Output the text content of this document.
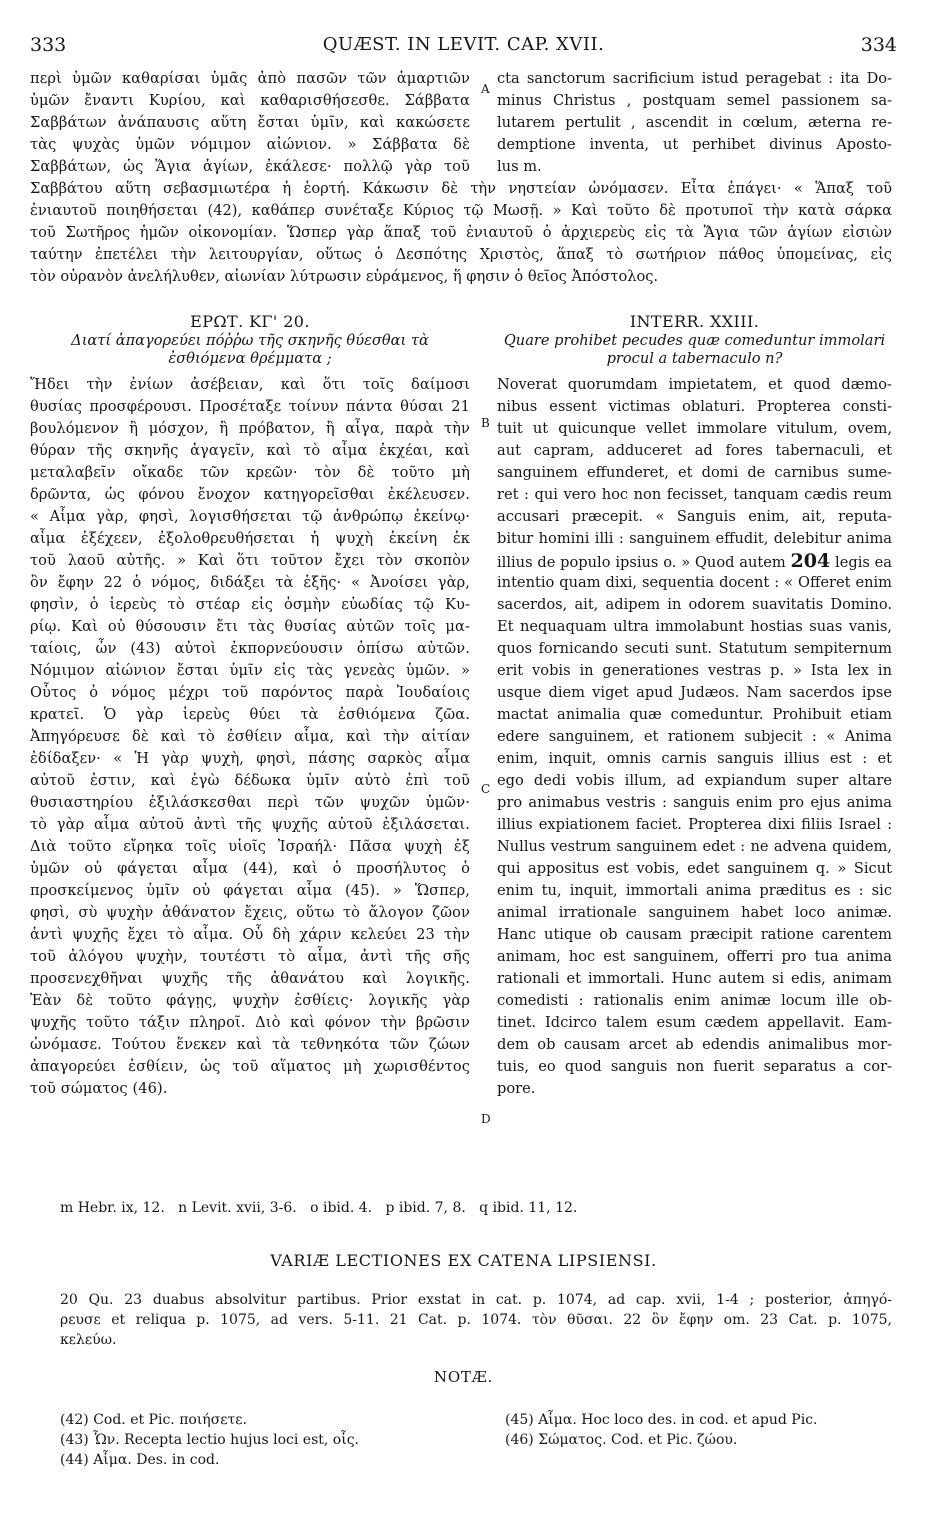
333	QUÆST. IN LEVIT. CAP. XVII.	334
περὶ ὑμῶν καθαρίσαι ὑμᾶς ἀπὸ πασῶν τῶν ἁμαρτιῶν
ὑμῶν ἔναντι Κυρίου, καὶ καθαρισθήσεσθε. Σάββατα
Σαββάτων ἀνάπαυσις αὕτη ἔσται ὑμῖν, καὶ κακώσετε
τὰς ψυχὰς ὑμῶν νόμιμον αἰώνιον. » Σάββατα δὲ
Σαββάτων, ὡς Ἅγια ἁγίων, ἐκάλεσε· πολλῷ γὰρ τοῦ
A
cta sanctorum sacrificium istud peragebat : ita Do-
minus Christus , postquam semel passionem sa-
lutarem pertulit , ascendit in cœlum, æterna re-
demptione inventa, ut perhibet divinus Aposto-
lus m.
Σαββάτου αὕτη σεβασμιωτέρα ἡ ἑορτή. Κάκωσιν δὲ τὴν νηστείαν ὠνόμασεν. Εἶτα ἐπάγει· « Ἅπαξ τοῦ
ἐνιαυτοῦ ποιηθήσεται (42), καθάπερ συνέταξε Κύριος τῷ Μωσῇ. » Καὶ τοῦτο δὲ προτυποῖ τὴν κατὰ σάρκα
τοῦ Σωτῆρος ἡμῶν οἰκονομίαν. Ὥσπερ γὰρ ἅπαξ τοῦ ἐνιαυτοῦ ὁ ἀρχιερεὺς εἰς τὰ Ἅγια τῶν ἁγίων εἰσιὼν
ταύτην ἐπετέλει τὴν λειτουργίαν, οὕτως ὁ Δεσπότης Χριστὸς, ἅπαξ τὸ σωτήριον πάθος ὑπομείνας, εἰς
τὸν οὐρανὸν ἀνελήλυθεν, αἰωνίαν λύτρωσιν εὑράμενος, ἥ φησιν ὁ θεῖος Ἀπόστολος.
ΕΡΩΤ. ΚΓ' 20.	INTERR. XXIII.
Διατί ἀπαγορεύει πόῤῥω τῆς σκηνῆς θύεσθαι τὰ
ἐσθιόμενα θρέμματα ;
Quare prohibet pecudes quæ comeduntur immolari
procul a tabernaculo n?
Ἤδει τὴν ἐνίων ἀσέβειαν, καὶ ὅτι τοῖς δαίμοσι
θυσίας προσφέρουσι. Προσέταξε τοίνυν πάντα θύσαι 21
βουλόμενον ἢ μόσχον, ἢ πρόβατον, ἢ αἶγα, παρὰ τὴν
θύραν τῆς σκηνῆς ἀγαγεῖν, καὶ τὸ αἷμα ἐκχέαι, καὶ
μεταλαβεῖν οἴκαδε τῶν κρεῶν· τὸν δὲ τοῦτο μὴ
δρῶντα, ὡς φόνου ἔνοχον κατηγορεῖσθαι ἐκέλευσεν.
« Αἷμα γὰρ, φησὶ, λογισθήσεται τῷ ἀνθρώπῳ ἐκείνῳ·
αἷμα ἐξέχεεν, ἐξολοθρευθήσεται ἡ ψυχὴ ἐκείνη ἐκ
τοῦ λαοῦ αὐτῆς. » Καὶ ὅτι τοῦτον ἔχει τὸν σκοπὸν
ὃν ἔφην 22 ὁ νόμος, διδάξει τὰ ἑξῆς· « Ἀνοίσει γὰρ,
φησὶν, ὁ ἱερεὺς τὸ στέαρ εἰς ὀσμὴν εὐωδίας τῷ Κυ-
ρίῳ. Καὶ οὐ θύσουσιν ἔτι τὰς θυσίας αὐτῶν τοῖς μα-
ταίοις, ὧν (43) αὐτοὶ ἐκπορνεύουσιν ὀπίσω αὐτῶν.
Νόμιμον αἰώνιον ἔσται ὑμῖν εἰς τὰς γενεὰς ὑμῶν. »
Οὗτος ὁ νόμος μέχρι τοῦ παρόντος παρὰ Ἰουδαίοις
κρατεῖ. Ὁ γὰρ ἱερεὺς θύει τὰ ἐσθιόμενα ζῶα.
Ἀπηγόρευσε δὲ καὶ τὸ ἐσθίειν αἷμα, καὶ τὴν αἰτίαν
ἐδίδαξεν· « Ἡ γὰρ ψυχὴ, φησὶ, πάσης σαρκὸς αἷμα
αὐτοῦ ἐστιν, καὶ ἐγὼ δέδωκα ὑμῖν αὐτὸ ἐπὶ τοῦ
θυσιαστηρίου ἐξιλάσκεσθαι περὶ τῶν ψυχῶν ὑμῶν·
τὸ γὰρ αἷμα αὐτοῦ ἀντὶ τῆς ψυχῆς αὐτοῦ ἐξιλάσεται.
Διὰ τοῦτο εἴρηκα τοῖς υἱοῖς Ἰσραήλ· Πᾶσα ψυχὴ ἐξ
ὑμῶν οὐ φάγεται αἷμα (44), καὶ ὁ προσήλυτος ὁ
προσκείμενος ὑμῖν οὐ φάγεται αἷμα (45). » Ὥσπερ,
φησὶ, σὺ ψυχὴν ἀθάνατον ἔχεις, οὕτω τὸ ἄλογον ζῶον
ἀντὶ ψυχῆς ἔχει τὸ αἷμα. Οὗ δὴ χάριν κελεύει 23 τὴν
τοῦ ἀλόγου ψυχὴν, τουτέστι τὸ αἷμα, ἀντὶ τῆς σῆς
προσενεχθῆναι ψυχῆς τῆς ἀθανάτου καὶ λογικῆς.
Ἐὰν δὲ τοῦτο φάγῃς, ψυχὴν ἐσθίεις· λογικῆς γὰρ
ψυχῆς τοῦτο τάξιν πληροῖ. Διὸ καὶ φόνον τὴν βρῶσιν
ὠνόμασε. Τούτου ἕνεκεν καὶ τὰ τεθνηκότα τῶν ζώων
ἀπαγορεύει ἐσθίειν, ὡς τοῦ αἵματος μὴ χωρισθέντος
τοῦ σώματος (46).
B
C
D
Noverat quorumdam impietatem, et quod dæmo-
nibus essent victimas oblaturi. Propterea consti-
tuit ut quicunque vellet immolare vitulum, ovem,
aut capram, adduceret ad fores tabernaculi, et
sanguinem effunderet, et domi de carnibus sume-
ret : qui vero hoc non fecisset, tanquam cædis reum
accusari præcepit. « Sanguis enim, ait, reputa-
bitur homini illi : sanguinem effudit, delebitur anima
illius de populo ipsius o. » Quod autem 204 legis ea
intentio quam dixi, sequentia docent : « Offeret enim
sacerdos, ait, adipem in odorem suavitatis Domino.
Et nequaquam ultra immolabunt hostias suas vanis,
quos fornicando secuti sunt. Statutum sempiternum
erit vobis in generationes vestras p. » Ista lex in
usque diem viget apud Judæos. Nam sacerdos ipse
mactat animalia quæ comeduntur. Prohibuit etiam
edere sanguinem, et rationem subjecit : « Anima
enim, inquit, omnis carnis sanguis illius est : et
ego dedi vobis illum, ad expiandum super altare
pro animabus vestris : sanguis enim pro ejus anima
illius expiationem faciet. Propterea dixi filiis Israel :
Nullus vestrum sanguinem edet : ne advena quidem,
qui appositus est vobis, edet sanguinem q. » Sicut
enim tu, inquit, immortali anima præditus es : sic
animal irrationale sanguinem habet loco animæ.
Hanc utique ob causam præcipit ratione carentem
animam, hoc est sanguinem, offerri pro tua anima
rationali et immortali. Hunc autem si edis, animam
comedisti : rationalis enim animæ locum ille ob-
tinet. Idcirco talem esum cædem appellavit. Eam-
dem ob causam arcet ab edendis animalibus mor-
tuis, eo quod sanguis non fuerit separatus a cor-
pore.
m Hebr. ix, 12.   n Levit. xvii, 3-6.   o ibid. 4.   p ibid. 7, 8.   q ibid. 11, 12.
VARIÆ LECTIONES EX CATENA LIPSIENSI.
20 Qu. 23 duabus absolvitur partibus. Prior exstat in cat. p. 1074, ad cap. xvii, 1-4 ; posterior, ἀπηγό-
ρευσε et reliqua p. 1075, ad vers. 5-11. 21 Cat. p. 1074. τὸν θῦσαι. 22 ὃν ἔφην om. 23 Cat. p. 1075,
κελεύω.
NOTÆ.
(42) Cod. et Pic. ποιήσετε.
(43) Ὧν. Recepta lectio hujus loci est, οἷς.
(44) Αἷμα. Des. in cod.
(45) Αἷμα. Hoc loco des. in cod. et apud Pic.
(46) Σώματος. Cod. et Pic. ζώου.
